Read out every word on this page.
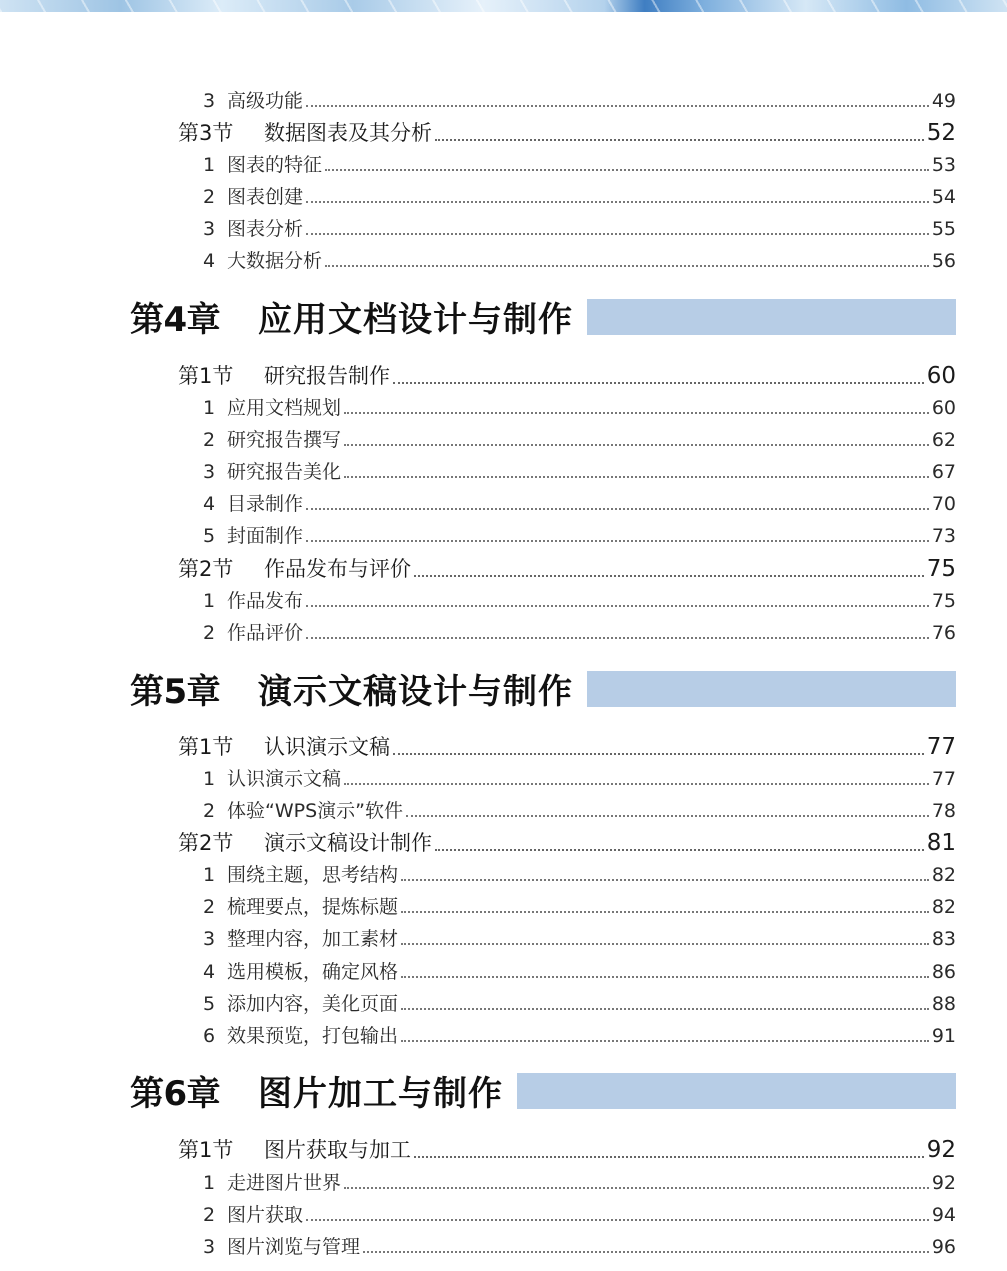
3 高级功能	49
第3节	数据图表及其分析	52
1 图表的特征	53
2 图表创建	54
3 图表分析	55
4 大数据分析	56
第4章	应用文档设计与制作
第1节	研究报告制作	60
1 应用文档规划	60
2 研究报告撰写	62
3 研究报告美化	67
4 目录制作	70
5 封面制作	73
第2节	作品发布与评价	75
1 作品发布	75
2 作品评价	76
第5章	演示文稿设计与制作
第1节	认识演示文稿	77
1 认识演示文稿	77
2 体验“WPS演示”软件	78
第2节	演示文稿设计制作	81
1 围绕主题，思考结构	82
2 梳理要点，提炼标题	82
3 整理内容，加工素材	83
4 选用模板，确定风格	86
5 添加内容，美化页面	88
6 效果预览，打包输出	91
第6章	图片加工与制作
第1节	图片获取与加工	92
1 走进图片世界	92
2 图片获取	94
3 图片浏览与管理	96
